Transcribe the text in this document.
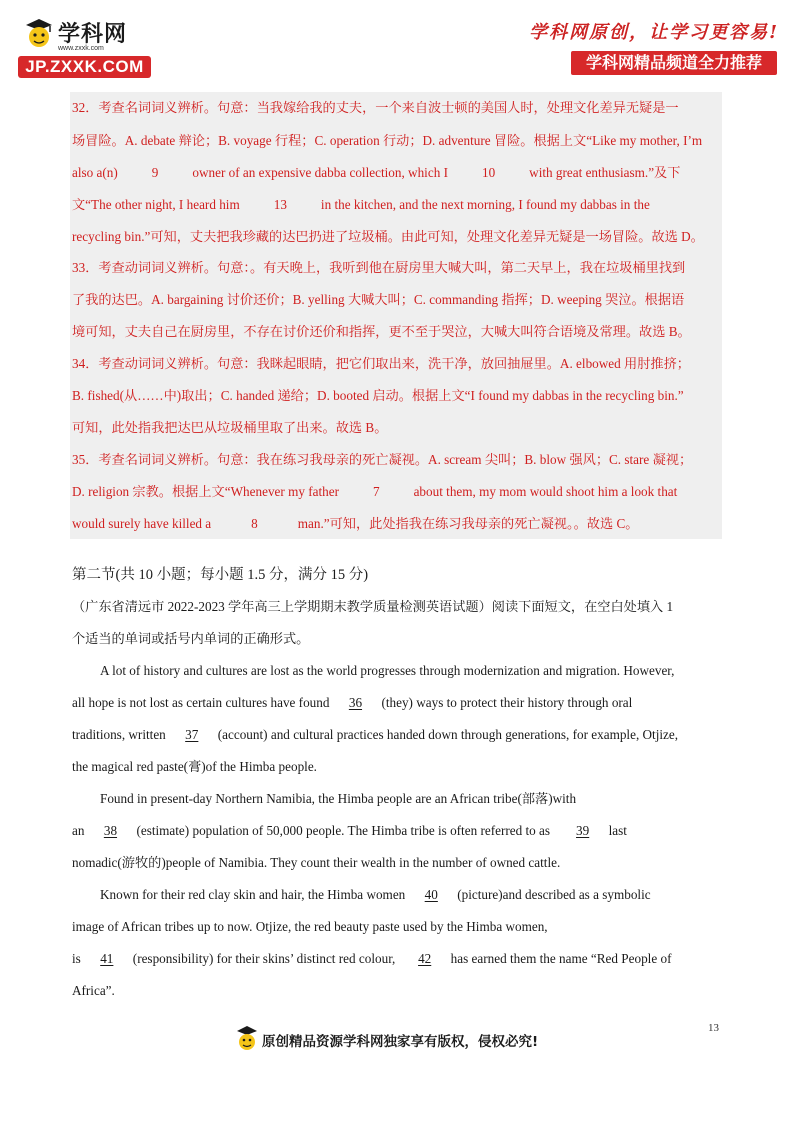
学科网
www.zxxk.com
JP.ZXXK.COM
学科网原创，让学习更容易!
学科网精品频道全力推荐
32．考查名词词义辨析。句意：当我嫁给我的丈夫，一个来自波士顿的美国人时，处理文化差异无疑是一
场冒险。A. debate 辩论；B. voyage 行程；C. operation 行动；D. adventure 冒险。根据上文“Like my mother, I’m
also a(n)	9	owner of an expensive dabba collection, which I	10	with great enthusiasm.”及下
文“The other night, I heard him	13	in the kitchen, and the next morning, I found my dabbas in the
recycling bin.”可知，丈夫把我珍藏的达巴扔进了垃圾桶。由此可知，处理文化差异无疑是一场冒险。故选 D。
33．考查动词词义辨析。句意：。有天晚上，我听到他在厨房里大喊大叫，第二天早上，我在垃圾桶里找到
了我的达巴。A. bargaining 讨价还价；B. yelling 大喊大叫；C. commanding 指挥；D. weeping 哭泣。根据语
境可知，丈夫自己在厨房里，不存在讨价还价和指挥，更不至于哭泣，大喊大叫符合语境及常理。故选 B。
34．考查动词词义辨析。句意：我眯起眼睛，把它们取出来，洗干净，放回抽屉里。A. elbowed 用肘推挤；
B. fished(从……中)取出；C. handed 递给；D. booted 启动。根据上文“I found my dabbas in the recycling bin.”
可知，此处指我把达巴从垃圾桶里取了出来。故选 B。
35．考查名词词义辨析。句意：我在练习我母亲的死亡凝视。A. scream 尖叫；B. blow 强风；C. stare 凝视；
D. religion 宗教。根据上文“Whenever my father	7	about them, my mom would shoot him a look that
would surely have killed a	8	man.”可知，此处指我在练习我母亲的死亡凝视。。故选 C。
第二节(共 10 小题；每小题 1.5 分，满分 15 分)
（广东省清远市 2022-2023 学年高三上学期期末教学质量检测英语试题）阅读下面短文，在空白处填入 1
个适当的单词或括号内单词的正确形式。
A lot of history and cultures are lost as the world progresses through modernization and migration. However,
all hope is not lost as certain cultures have found 36 (they) ways to protect their history through oral
traditions, written 37 (account) and cultural practices handed down through generations, for example, Otjize,
the magical red paste(膏)of the Himba people.
Found in present-day Northern Namibia, the Himba people are an African tribe(部落)with
an 38 (estimate) population of 50,000 people. The Himba tribe is often referred to as 39 last
nomadic(游牧的)people of Namibia. They count their wealth in the number of owned cattle.
Known for their red clay skin and hair, the Himba women 40 (picture)and described as a symbolic
image of African tribes up to now. Otjize, the red beauty paste used by the Himba women,
is 41 (responsibility) for their skins’ distinct red colour, 42 has earned them the name “Red People of
Africa”.
原创精品资源学科网独家享有版权，侵权必究!
13
